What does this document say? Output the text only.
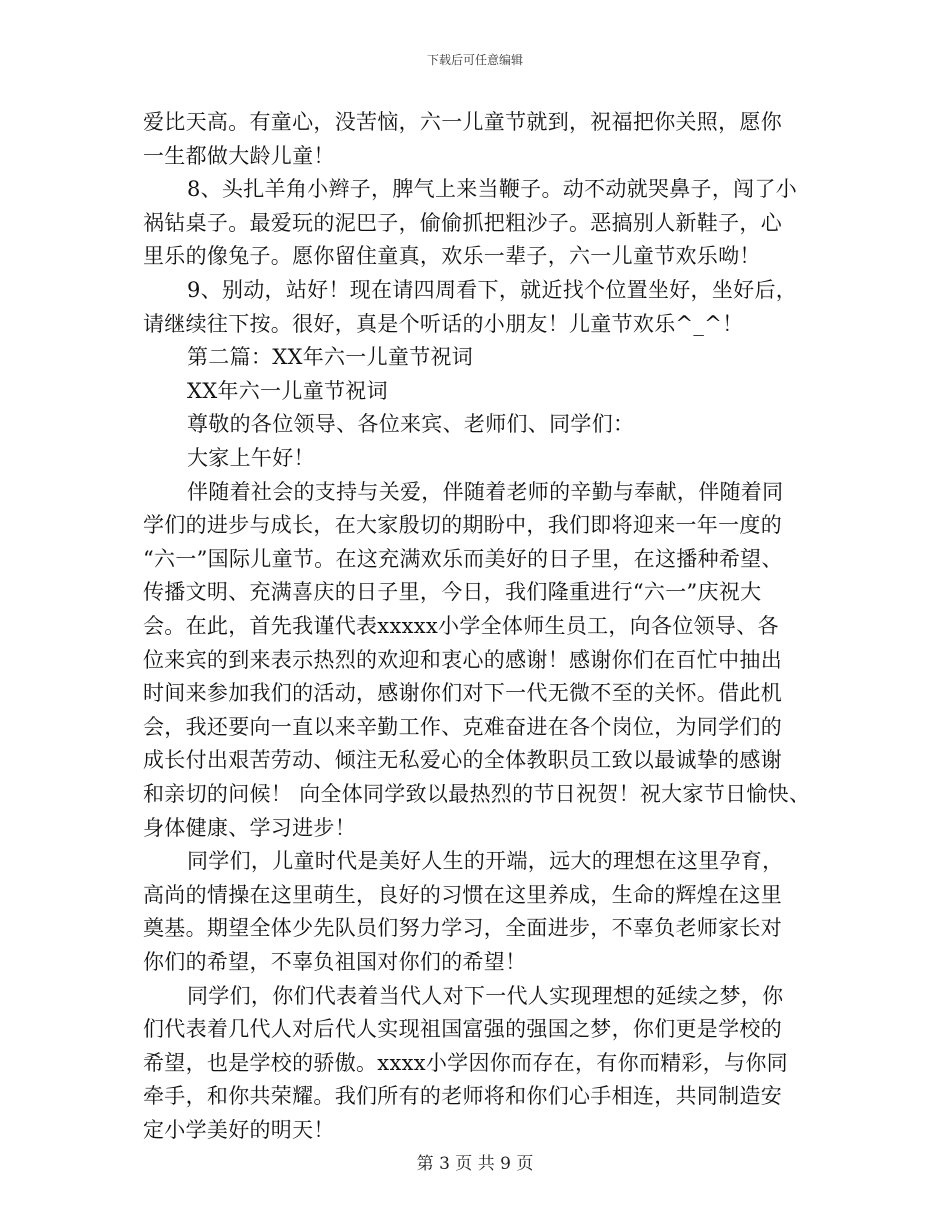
下载后可任意编辑
爱比天高。有童心，没苦恼，六一儿童节就到，祝福把你关照，愿你
一生都做大龄儿童！
8、头扎羊角小辫子，脾气上来当鞭子。动不动就哭鼻子，闯了小
祸钻桌子。最爱玩的泥巴子，偷偷抓把粗沙子。恶搞别人新鞋子，心
里乐的像兔子。愿你留住童真，欢乐一辈子，六一儿童节欢乐呦！
9、别动，站好！现在请四周看下，就近找个位置坐好，坐好后，
请继续往下按。很好，真是个听话的小朋友！儿童节欢乐^_^！
第二篇：XX年六一儿童节祝词
XX年六一儿童节祝词
尊敬的各位领导、各位来宾、老师们、同学们：
大家上午好！
伴随着社会的支持与关爱，伴随着老师的辛勤与奉献，伴随着同
学们的进步与成长，在大家殷切的期盼中，我们即将迎来一年一度的
“六一”国际儿童节。在这充满欢乐而美好的日子里，在这播种希望、
传播文明、充满喜庆的日子里，今日，我们隆重进行“六一”庆祝大
会。在此，首先我谨代表xxxxx小学全体师生员工，向各位领导、各
位来宾的到来表示热烈的欢迎和衷心的感谢！感谢你们在百忙中抽出
时间来参加我们的活动，感谢你们对下一代无微不至的关怀。借此机
会，我还要向一直以来辛勤工作、克难奋进在各个岗位，为同学们的
成长付出艰苦劳动、倾注无私爱心的全体教职员工致以最诚挚的感谢
和亲切的问候！ 向全体同学致以最热烈的节日祝贺！祝大家节日愉快、
身体健康、学习进步！
同学们，儿童时代是美好人生的开端，远大的理想在这里孕育，
高尚的情操在这里萌生，良好的习惯在这里养成，生命的辉煌在这里
奠基。期望全体少先队员们努力学习，全面进步，不辜负老师家长对
你们的希望，不辜负祖国对你们的希望！
同学们，你们代表着当代人对下一代人实现理想的延续之梦，你
们代表着几代人对后代人实现祖国富强的强国之梦，你们更是学校的
希望，也是学校的骄傲。xxxx小学因你而存在，有你而精彩，与你同
牵手，和你共荣耀。我们所有的老师将和你们心手相连，共同制造安
定小学美好的明天！
第 3 页 共 9 页
